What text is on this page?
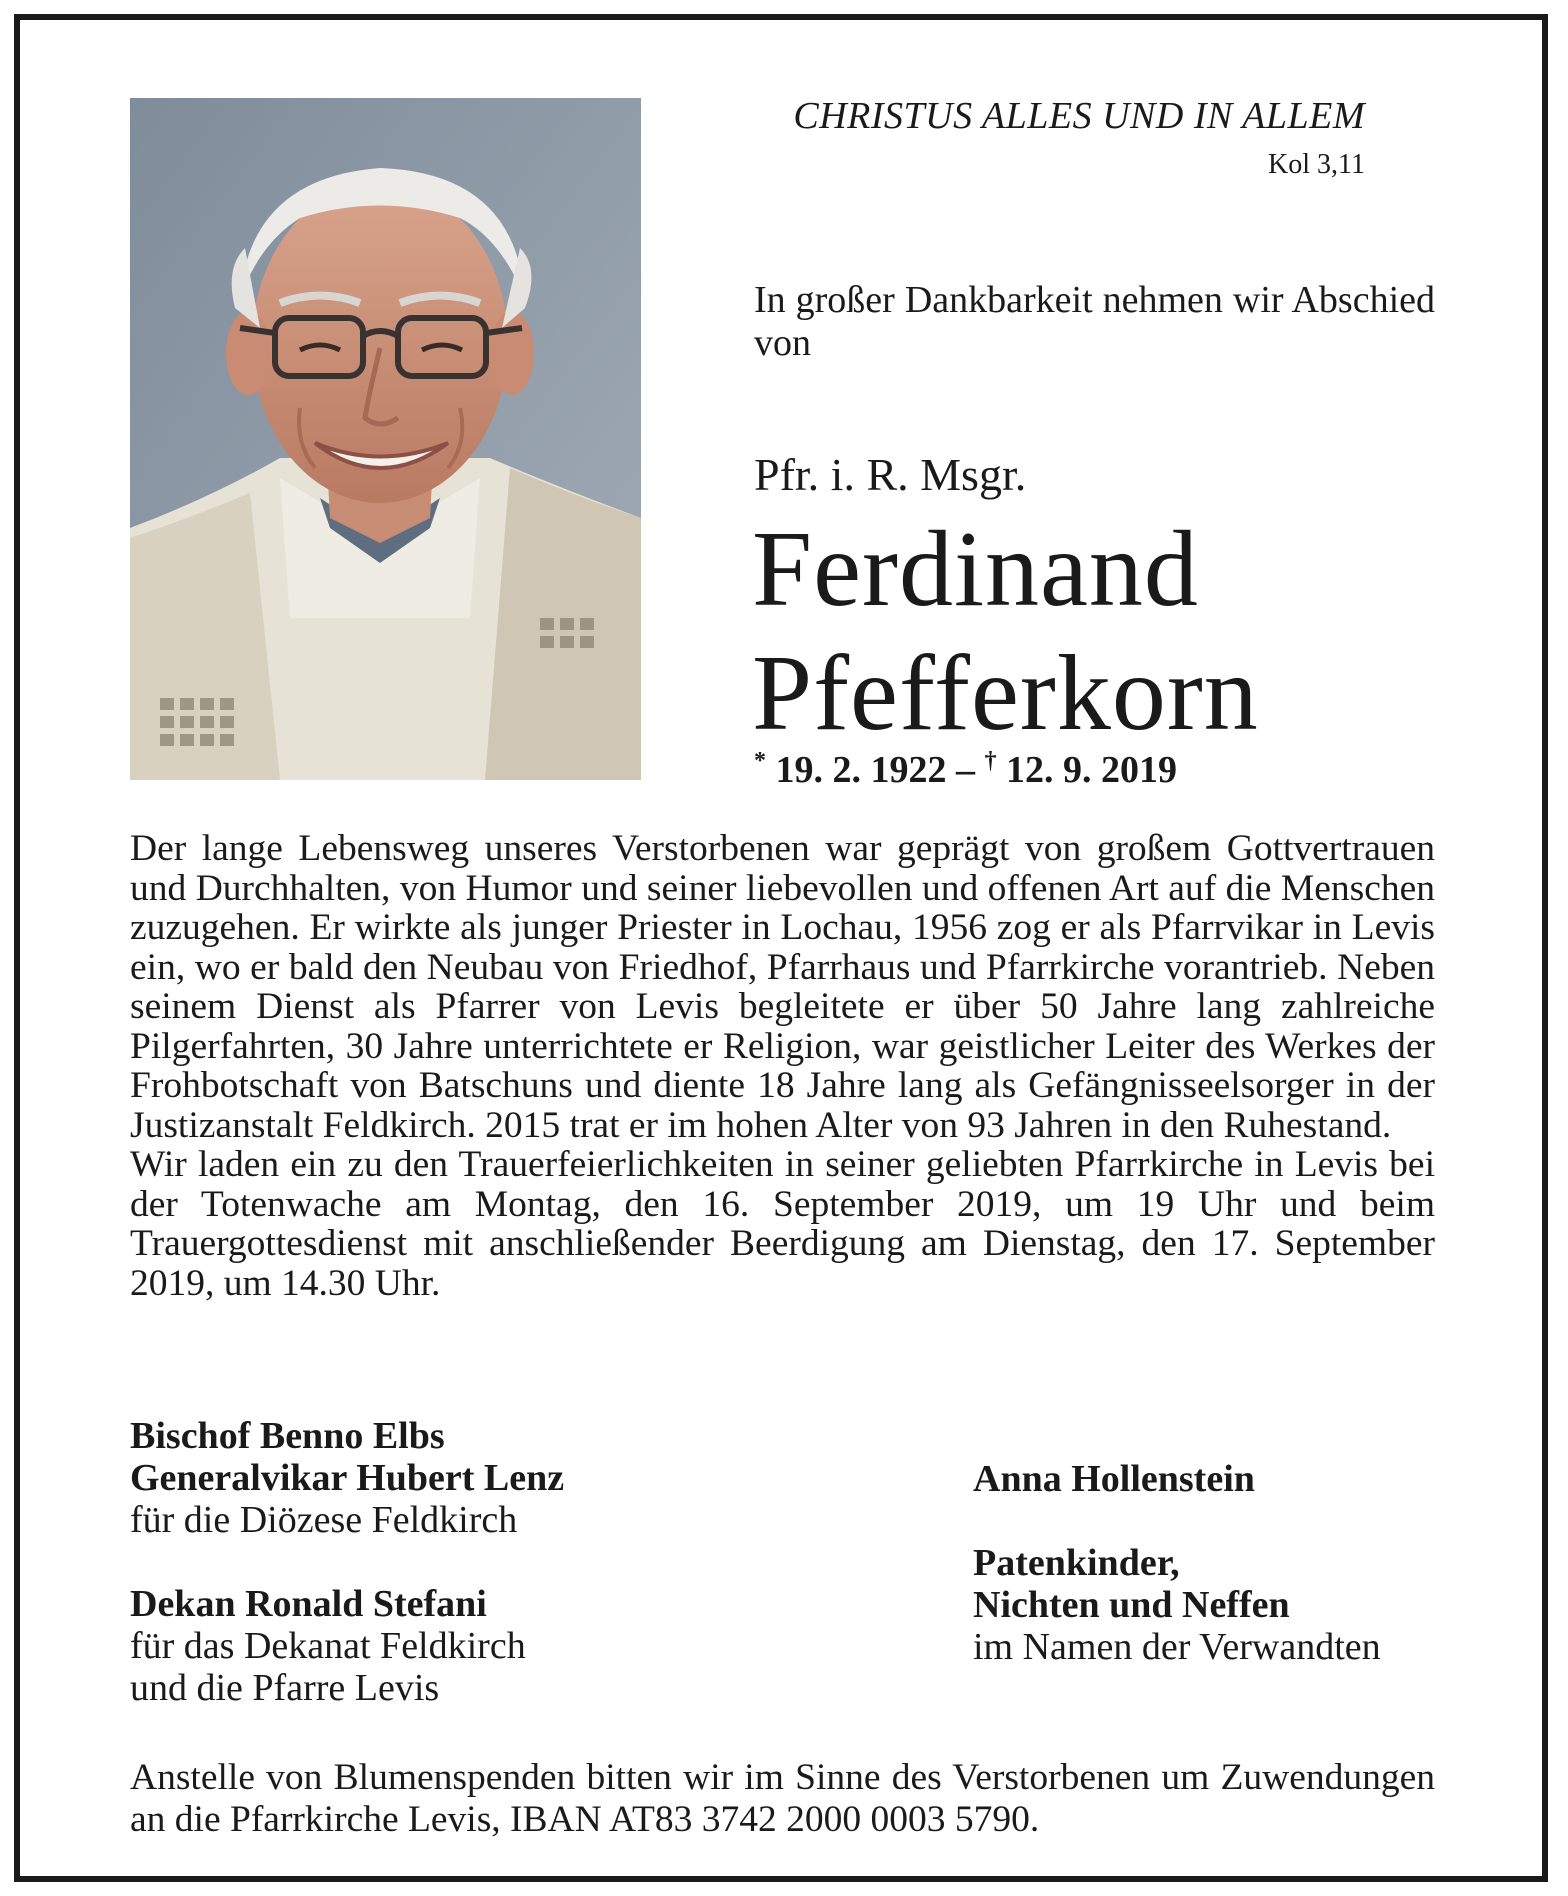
CHRISTUS ALLES UND IN ALLEM
Kol 3,11
In großer Dankbarkeit nehmen wir Abschied von
Pfr. i. R. Msgr.
Ferdinand
Pfefferkorn
* 19. 2. 1922 – † 12. 9. 2019

Der lange Lebensweg unseres Verstorbenen war geprägt von großem Gottvertrauen und Durchhalten, von Humor und seiner liebevollen und offenen Art auf die Menschen zuzugehen. Er wirkte als junger Priester in Lochau, 1956 zog er als Pfarrvikar in Levis ein, wo er bald den Neubau von Friedhof, Pfarrhaus und Pfarrkirche vorantrieb. Neben seinem Dienst als Pfarrer von Levis begleitete er über 50 Jahre lang zahlreiche Pilgerfahrten, 30 Jahre unterrichtete er Religion, war geistlicher Leiter des Werkes der Frohbotschaft von Batschuns und diente 18 Jahre lang als Gefängnisseelsorger in der Justizanstalt Feldkirch. 2015 trat er im hohen Alter von 93 Jahren in den Ruhestand.

Wir laden ein zu den Trauerfeierlichkeiten in seiner geliebten Pfarrkirche in Levis bei der Totenwache am Montag, den 16. September 2019, um 19 Uhr und beim Trauergottesdienst mit anschließender Beerdigung am Dienstag, den 17. September 2019, um 14.30 Uhr.

Bischof Benno Elbs
Generalvikar Hubert Lenz
für die Diözese Feldkirch
Dekan Ronald Stefani
für das Dekanat Feldkirch
und die Pfarre Levis
Anna Hollenstein
Patenkinder,
Nichten und Neffen
im Namen der Verwandten
Anstelle von Blumenspenden bitten wir im Sinne des Verstorbenen um Zuwendungen an die Pfarrkirche Levis, IBAN AT83 3742 2000 0003 5790.
